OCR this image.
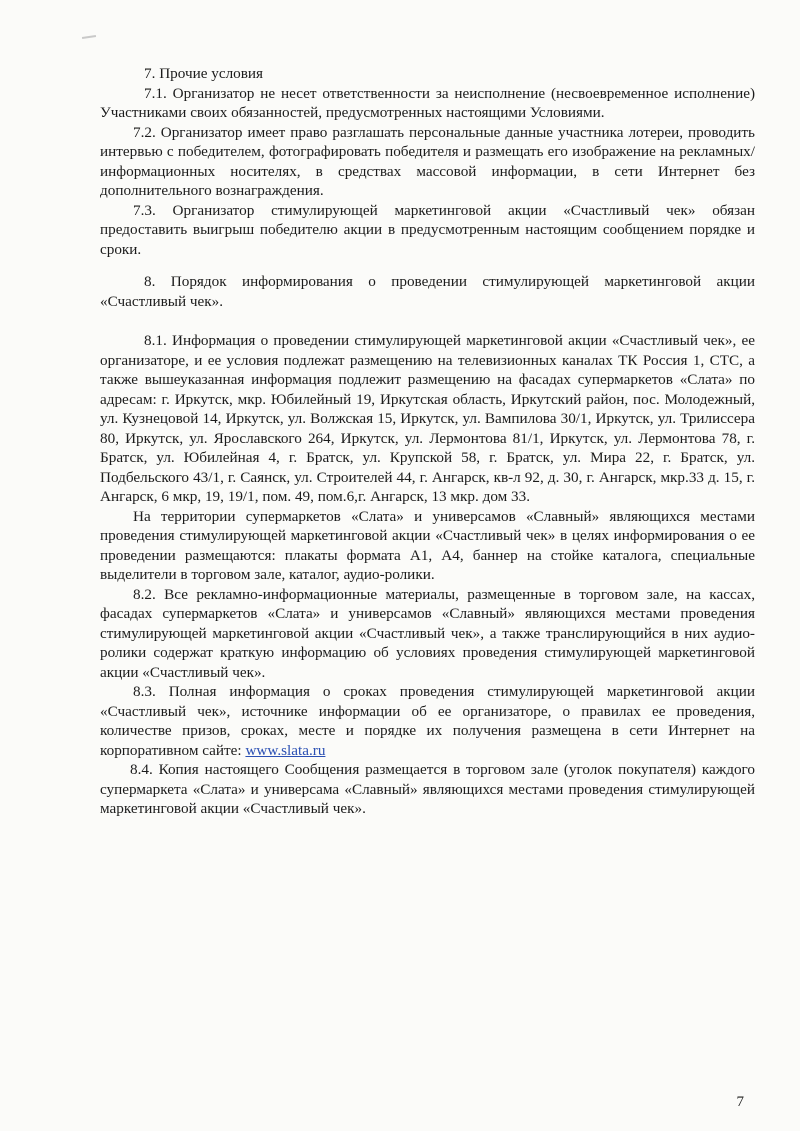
7. Прочие условия

7.1. Организатор не несет ответственности за неисполнение (несвоевременное исполнение) Участниками своих обязанностей, предусмотренных настоящими Условиями.

7.2. Организатор имеет право разглашать персональные данные участника лотереи, проводить интервью с победителем, фотографировать победителя и размещать его изображение на рекламных/информационных носителях, в средствах массовой информации, в сети Интернет без дополнительного вознаграждения.

7.3. Организатор стимулирующей маркетинговой акции «Счастливый чек» обязан предоставить выигрыш победителю акции в предусмотренным настоящим сообщением порядке и сроки.

8. Порядок информирования о проведении стимулирующей маркетинговой акции «Счастливый чек».

8.1. Информация о проведении стимулирующей маркетинговой акции «Счастливый чек», ее организаторе, и ее условия подлежат размещению на телевизионных каналах ТК Россия 1, СТС, а также вышеуказанная информация подлежит размещению на фасадах супермаркетов «Слата» по адресам: г. Иркутск, мкр. Юбилейный 19, Иркутская область, Иркутский район, пос. Молодежный, ул. Кузнецовой 14, Иркутск, ул. Волжская 15, Иркутск, ул. Вампилова 30/1, Иркутск, ул. Трилиссера 80, Иркутск, ул. Ярославского 264, Иркутск, ул. Лермонтова 81/1, Иркутск, ул. Лермонтова 78, г. Братск, ул. Юбилейная 4, г. Братск, ул. Крупской 58, г. Братск, ул. Мира 22, г. Братск, ул. Подбельского 43/1, г. Саянск, ул. Строителей 44, г. Ангарск, кв-л 92, д. 30, г. Ангарск, мкр.33 д. 15, г. Ангарск, 6 мкр, 19, 19/1, пом. 49, пом.6,г. Ангарск, 13 мкр. дом 33.

На территории супермаркетов «Слата» и универсамов «Славный» являющихся местами проведения стимулирующей маркетинговой акции «Счастливый чек» в целях информирования о ее проведении размещаются: плакаты формата А1, А4, баннер на стойке каталога, специальные выделители в торговом зале, каталог, аудио-ролики.

8.2. Все рекламно-информационные материалы, размещенные в торговом зале, на кассах, фасадах супермаркетов «Слата» и универсамов «Славный» являющихся местами проведения стимулирующей маркетинговой акции «Счастливый чек», а также транслирующийся в них аудио-ролики содержат краткую информацию об условиях проведения стимулирующей маркетинговой акции «Счастливый чек».

8.3. Полная информация о сроках проведения стимулирующей маркетинговой акции «Счастливый чек», источнике информации об ее организаторе, о правилах ее проведения, количестве призов, сроках, месте и порядке их получения размещена в сети Интернет на корпоративном сайте: www.slata.ru

8.4. Копия настоящего Сообщения размещается в торговом зале (уголок покупателя) каждого супермаркета «Слата» и универсама «Славный» являющихся местами проведения стимулирующей маркетинговой акции «Счастливый чек».

7
